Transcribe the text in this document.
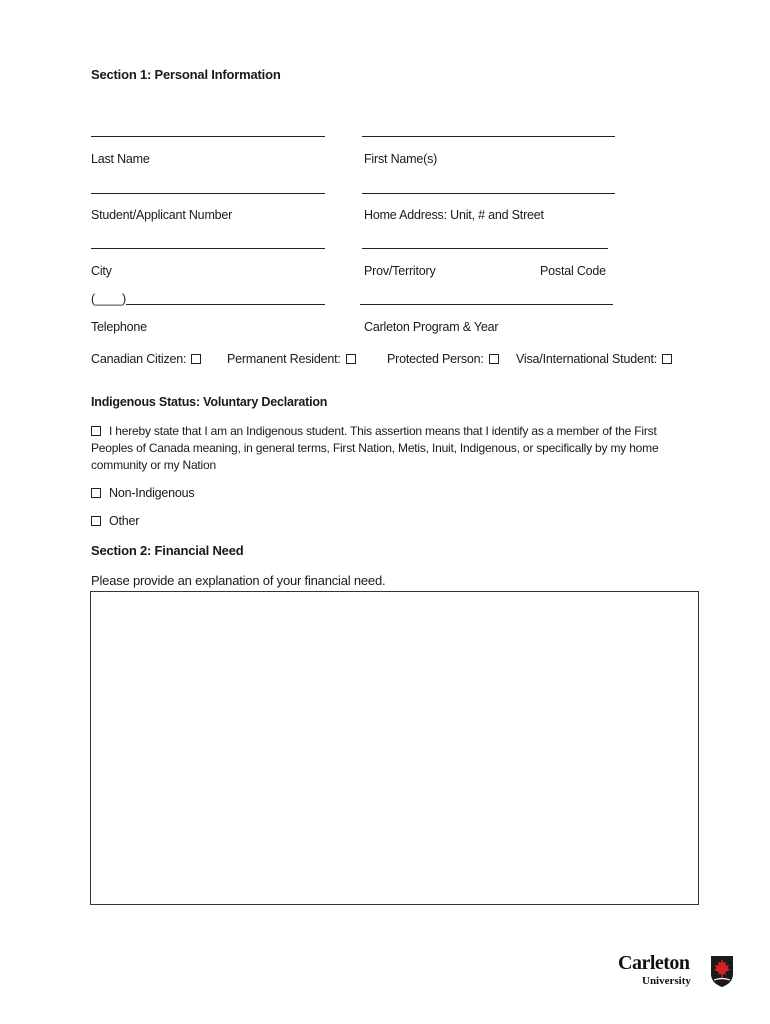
Section 1: Personal Information
Last Name	First Name(s)
Student/Applicant Number	Home Address: Unit, # and Street
City	Prov/Territory	Postal Code
(____)
Telephone	Carleton Program & Year
Canadian Citizen:	Permanent Resident:	Protected Person:	Visa/International Student:
Indigenous Status: Voluntary Declaration
I hereby state that I am an Indigenous student. This assertion means that I identify as a member of the First Peoples of Canada meaning, in general terms, First Nation, Metis, Inuit, Indigenous, or specifically by my home community or my Nation
Non-Indigenous
Other
Section 2: Financial Need
Please provide an explanation of your financial need.
Carleton
University
